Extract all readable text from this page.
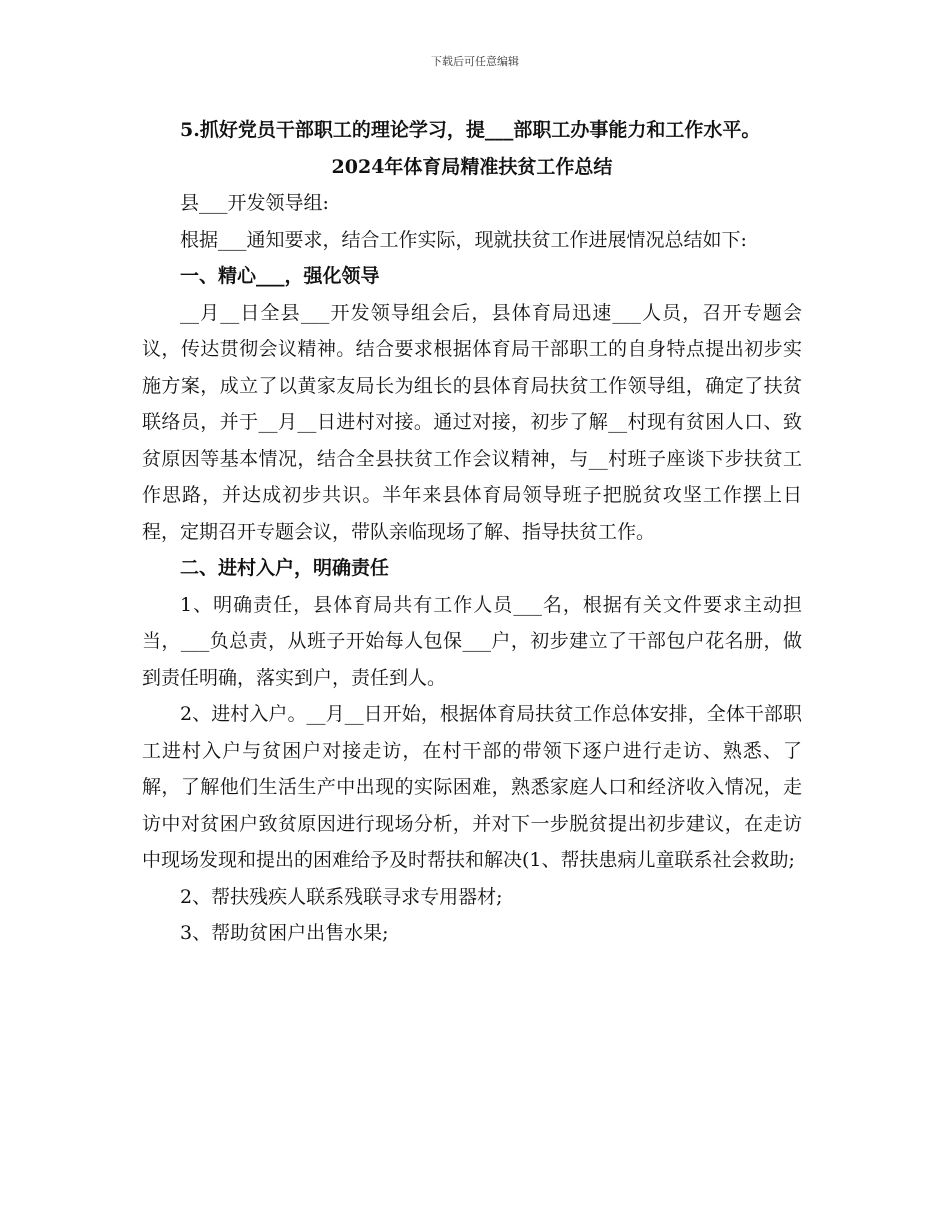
下载后可任意编辑

5.抓好党员干部职工的理论学习，提___部职工办事能力和工作水平。

2024年体育局精准扶贫工作总结

县___开发领导组:

根据___通知要求，结合工作实际，现就扶贫工作进展情况总结如下:

一、精心___，强化领导

__月__日全县___开发领导组会后，县体育局迅速___人员，召开专题会议，传达贯彻会议精神。结合要求根据体育局干部职工的自身特点提出初步实施方案，成立了以黄家友局长为组长的县体育局扶贫工作领导组，确定了扶贫联络员，并于__月__日进村对接。通过对接，初步了解__村现有贫困人口、致贫原因等基本情况，结合全县扶贫工作会议精神，与__村班子座谈下步扶贫工作思路，并达成初步共识。半年来县体育局领导班子把脱贫攻坚工作摆上日程，定期召开专题会议，带队亲临现场了解、指导扶贫工作。

二、进村入户，明确责任

1、明确责任，县体育局共有工作人员___名，根据有关文件要求主动担当，___负总责，从班子开始每人包保___户，初步建立了干部包户花名册，做到责任明确，落实到户，责任到人。

2、进村入户。__月__日开始，根据体育局扶贫工作总体安排，全体干部职工进村入户与贫困户对接走访，在村干部的带领下逐户进行走访、熟悉、了解，了解他们生活生产中出现的实际困难，熟悉家庭人口和经济收入情况，走访中对贫困户致贫原因进行现场分析，并对下一步脱贫提出初步建议，在走访中现场发现和提出的困难给予及时帮扶和解决(1、帮扶患病儿童联系社会救助;

2、帮扶残疾人联系残联寻求专用器材;

3、帮助贫困户出售水果;
